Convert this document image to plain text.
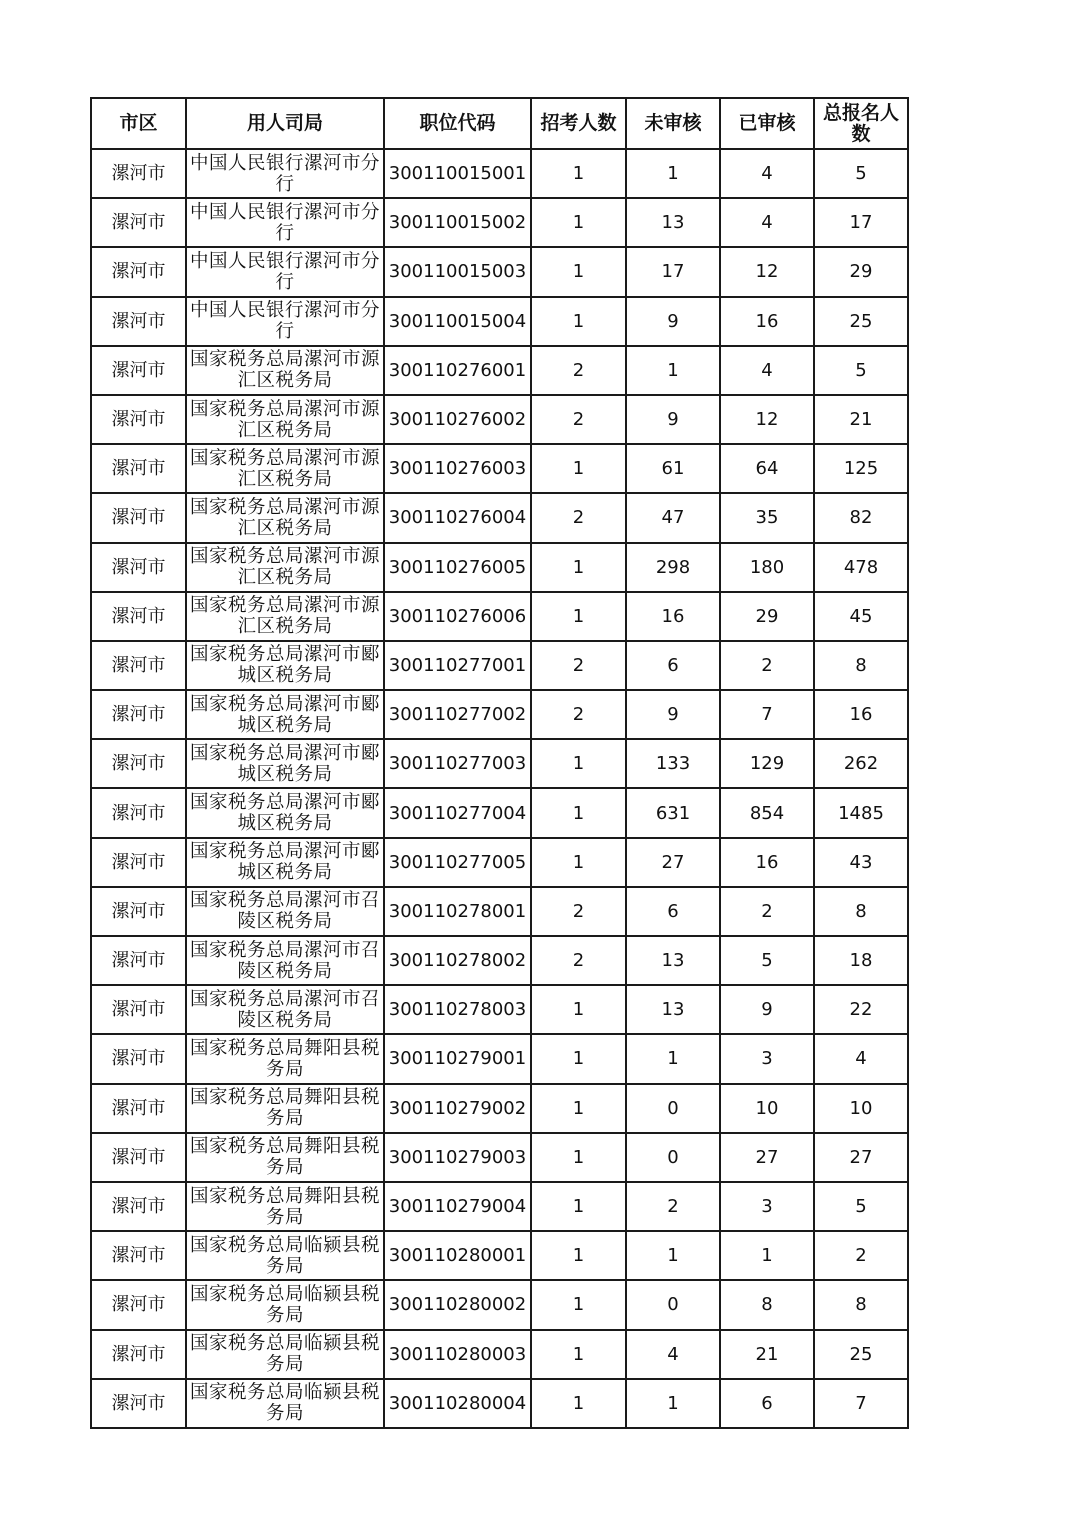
市区	用人司局	职位代码	招考人数	未审核	已审核	总报名人数

漯河市	中国人民银行漯河市分行	300110015001	1	1	4	5
漯河市	中国人民银行漯河市分行	300110015002	1	13	4	17
漯河市	中国人民银行漯河市分行	300110015003	1	17	12	29
漯河市	中国人民银行漯河市分行	300110015004	1	9	16	25
漯河市	国家税务总局漯河市源汇区税务局	300110276001	2	1	4	5
漯河市	国家税务总局漯河市源汇区税务局	300110276002	2	9	12	21
漯河市	国家税务总局漯河市源汇区税务局	300110276003	1	61	64	125
漯河市	国家税务总局漯河市源汇区税务局	300110276004	2	47	35	82
漯河市	国家税务总局漯河市源汇区税务局	300110276005	1	298	180	478
漯河市	国家税务总局漯河市源汇区税务局	300110276006	1	16	29	45
漯河市	国家税务总局漯河市郾城区税务局	300110277001	2	6	2	8
漯河市	国家税务总局漯河市郾城区税务局	300110277002	2	9	7	16
漯河市	国家税务总局漯河市郾城区税务局	300110277003	1	133	129	262
漯河市	国家税务总局漯河市郾城区税务局	300110277004	1	631	854	1485
漯河市	国家税务总局漯河市郾城区税务局	300110277005	1	27	16	43
漯河市	国家税务总局漯河市召陵区税务局	300110278001	2	6	2	8
漯河市	国家税务总局漯河市召陵区税务局	300110278002	2	13	5	18
漯河市	国家税务总局漯河市召陵区税务局	300110278003	1	13	9	22
漯河市	国家税务总局舞阳县税务局	300110279001	1	1	3	4
漯河市	国家税务总局舞阳县税务局	300110279002	1	0	10	10
漯河市	国家税务总局舞阳县税务局	300110279003	1	0	27	27
漯河市	国家税务总局舞阳县税务局	300110279004	1	2	3	5
漯河市	国家税务总局临颍县税务局	300110280001	1	1	1	2
漯河市	国家税务总局临颍县税务局	300110280002	1	0	8	8
漯河市	国家税务总局临颍县税务局	300110280003	1	4	21	25
漯河市	国家税务总局临颍县税务局	300110280004	1	1	6	7
